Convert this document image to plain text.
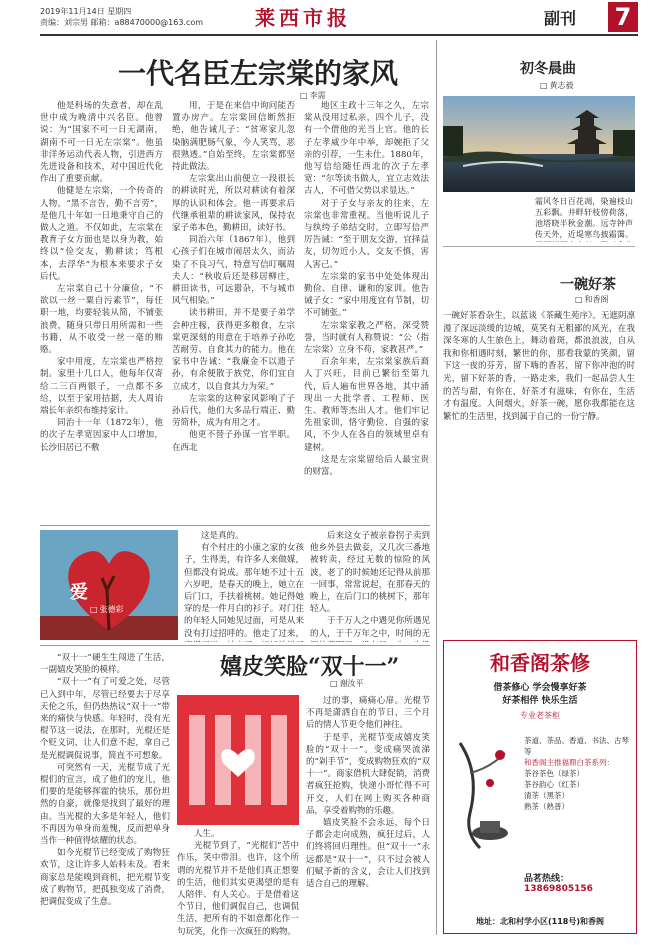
2019年11月14日 星期四
责编：刘宗男 邮箱：a88470000@163.com	莱西市报	副刊 7
一代名臣左宗棠的家风
□ 李需

他是科场的失意者，却在乱世中成为晚清中兴名臣。他曾说：为“国家不可一日无湖南，湖南不可一日无左宗棠”。他虽非洋务运动代表人物，引进西方先进设备和技术，对中国近代化作出了重要贡献。

他健是左宗棠，一个传奇的人物。“黑不言告，勤不言劳”，是他几十年如一日地秉守自己的做人之道。不仅如此，左宗棠在教育子女方面也是以身为教，始终以“俭交友，勤耕读；笃根本，去浮华”为根本来要求子女后代。

左宗棠自己十分廉俭，“不欲以一丝一粟自污素节”，每任职一地，均要轻装从简，不铺张浪费，随身只带日用所需和一些书籍，从不收受一丝一毫的贿赂。

家中用度，左宗棠也严格控制。家里十几口人，他每年仅寄给二三百两银子，一点都不多给，以至于家用拮据，夫人周诒端长年亲织布维持家计。

同治十一年（1872年），他的次子左孝宽因家中人口增加，长沙旧居已不敷

用，于是在来信中询问能否置办房产。左宗棠回信断然拒绝，他告诫儿子：“贫寒家儿忽染脑满肥肠气象，今人笑骂，恶很熟透。”自始至终，左宗棠都坚持此做法。

左宗棠出山前便立一段很长的耕读时光，所以对耕读有着深厚的认识和体会。他一再要求后代继承祖辈的耕读家风，保持农家子弟本色，勤耕田，读好书。

同治六年（1867年），他到心孩子们在城市闹居太久，而沾染了不良习气，特意写信叮嘱周夫人：“秋收后还是移居柳庄，耕田读书，可远嚣杂，不与城市风气相染。”

读书耕田，并不是要子弟学会种庄稼，获得更多粮食，左宗棠更深刻的用意在于培养子孙吃苦耐劳、自食其力的能力。他在家书中告诫：“我廉金不以遗子孙，有余便散于族党，你们宜自立成才，以自食其力为荣。”

左宗棠的这种家风影响了子孙后代，他们大多品行端正、勤劳简朴，成为有用之才。

他更不替子孙谋一官半职。在西北

地区主政十三年之久，左宗棠从没用过私亲，四个儿子，没有一个借他的光当上官。他的长子左孝威少年中举，却婉拒了父亲的引荐，一生未仕。1880年，他写信给随任西北的次子左孝宽：“尔等读书做人，宜立志效法古人，不可借父势以求显达。”

对于子女与亲友的往来，左宗棠也非常重视。当他听说儿子与纨绔子弟结交时，立即写信严厉告诫：“至于朋友交游，宜择益友，切勿近小人，交友不慎，害人害己。”

左宗棠的家书中处处体现出勤俭、自律、谦和的家训。他告诫子女：“家中用度宜有节制，切不可铺张。”

左宗棠家教之严格，深受赞誉，当时就有人称赞说：“公（指左宗棠）立身不苟，家教甚严。”

百余年来，左宗棠家族后裔人丁兴旺，目前已繁衍至第九代，后人遍布世界各地，其中涌现出一大批学者、工程师、医生、教师等杰出人才。他们牢记先祖家训，恪守勤俭、自强的家风，不少人在各自的领域里卓有建树。

这是左宗棠留给后人最宝贵的财富。

初冬晨曲
□ 黄志毅
霜风冬日百花凋，染遍枝山五彩飘。井畔轩枝傍荷落，池塔晓半秋金潮。远寺钟声传天外，近堤寒鸟披霜霭。
一碗好茶
□ 和香阁
一碗好茶看杂生，以蓝谈《茶藏生苑序》。无遮阴凛漫了深远淡缓的边城，莫笑有无粗鄙的风光，在我深冬寒的人生旅色上，舞动着斑，都浪浪波，自从我和你相遇时刻，繁世的你，那看我蒙的笑颜，留下这一夜的芬芳，留下嗨的香茗，留下你冲泡的时光，留下好茶的香，一路走来，我们一起品尝人生的苦与甜，有你在，好茶才有滋味，有你在，生活才有温度。人间烟火，好茶一碗，愿你我都能在这繁忙的生活里，找到属于自己的一份宁静。
和香阁茶修
借茶修心 学会慢享好茶
好茶相伴 快乐生活
专业老茶柜
茶道、茶品、香道、书法、古琴等
和香阁主推福鼎白茶系列：
茶谷茶色（绿茶）
茶谷韵心（红茶）
清茶（黑茶）
熟茶（熟普）
品茗热线：13869805156
地址：北和村学小区(118号)和香阁
爱
□ 张德彩

这是真的。

有个村庄的小康之家的女孩子，生得美，有许多人来做媒，但都没有说成。那年她不过十五六岁吧，是春天的晚上，她立在后门口，手扶着桃树。她记得她穿的是一件月白的衫子。对门住的年轻人同她见过面，可是从来没有打过招呼的。他走了过来，

后来这女子被亲眷拐子卖到他乡外县去做妾，又几次三番地被转卖，经过无数的惊险的风波，老了的时候她还记得从前那一回事，常常说起，在那春天的晚上，在后门口的桃树下，那年轻人。

于千万人之中遇见你所遇见的人，于千万年之中，时间的无

嬉皮笑脸“双十一”
□ 谢汝平

“双十一”硬生生闯进了生活，一副嬉皮笑脸的模样。

“双十一”有了可爱之处，尽管已入到中年，尽管已经要去于尽享天伦之乐，但仍热热议“双十一”带来的痛快与快感。年轻时，没有光棍节这一说法，在那时，光棍还是个贬义词，让人们意不起，拿自己是光棍调侃说事，简直不可想象。

可突然有一天，光棍节成了光棍们的宣言，成了他们的宠儿，他们要的是能够挥霍的快乐，那份坦然的自豪，就像是找到了最好的理由。当光棍的大多是年轻人，他们不再因为单身而羞愧，反而把单身当作一种值得炫耀的状态。

如今光棍节已经变成了购物狂欢节，这让许多人始料未及。看来商家总是能嗅到商机，把光棍节变成了购物节，把孤独变成了消费，把调侃变成了生意。

人生。

光棍节到了，“光棍们”苦中作乐，笑中带泪。也许，这个所谓的光棍节并不是他们真正想要的生活，他们其实更渴望的是有人陪伴、有人关心。于是借着这个节日，他们调侃自己，也调侃生活，把所有的不如意都化作一句玩笑，化作一次疯狂的购物。

过的事，痛痛心扉。光棍节不再是潇洒自在的节日，三个月后的情人节更令他们神往。

于是乎，光棍节变成嬉皮笑脸的“双十一”。变成痛哭流涕的“剁手节”，变成购物狂欢的“双十一”。商家借机大肆促销，消费者疯狂抢购，快递小哥忙得不可开交，人们在网上购买各种商品，享受着购物的乐趣。

嬉皮笑脸不会永远，每个日子都会走向成熟，疯狂过后，人们终将回归理性。但“双十一”永远都是“双十一”，只不过会被人们赋予新的含义，会让人们找到适合自己的理解。
